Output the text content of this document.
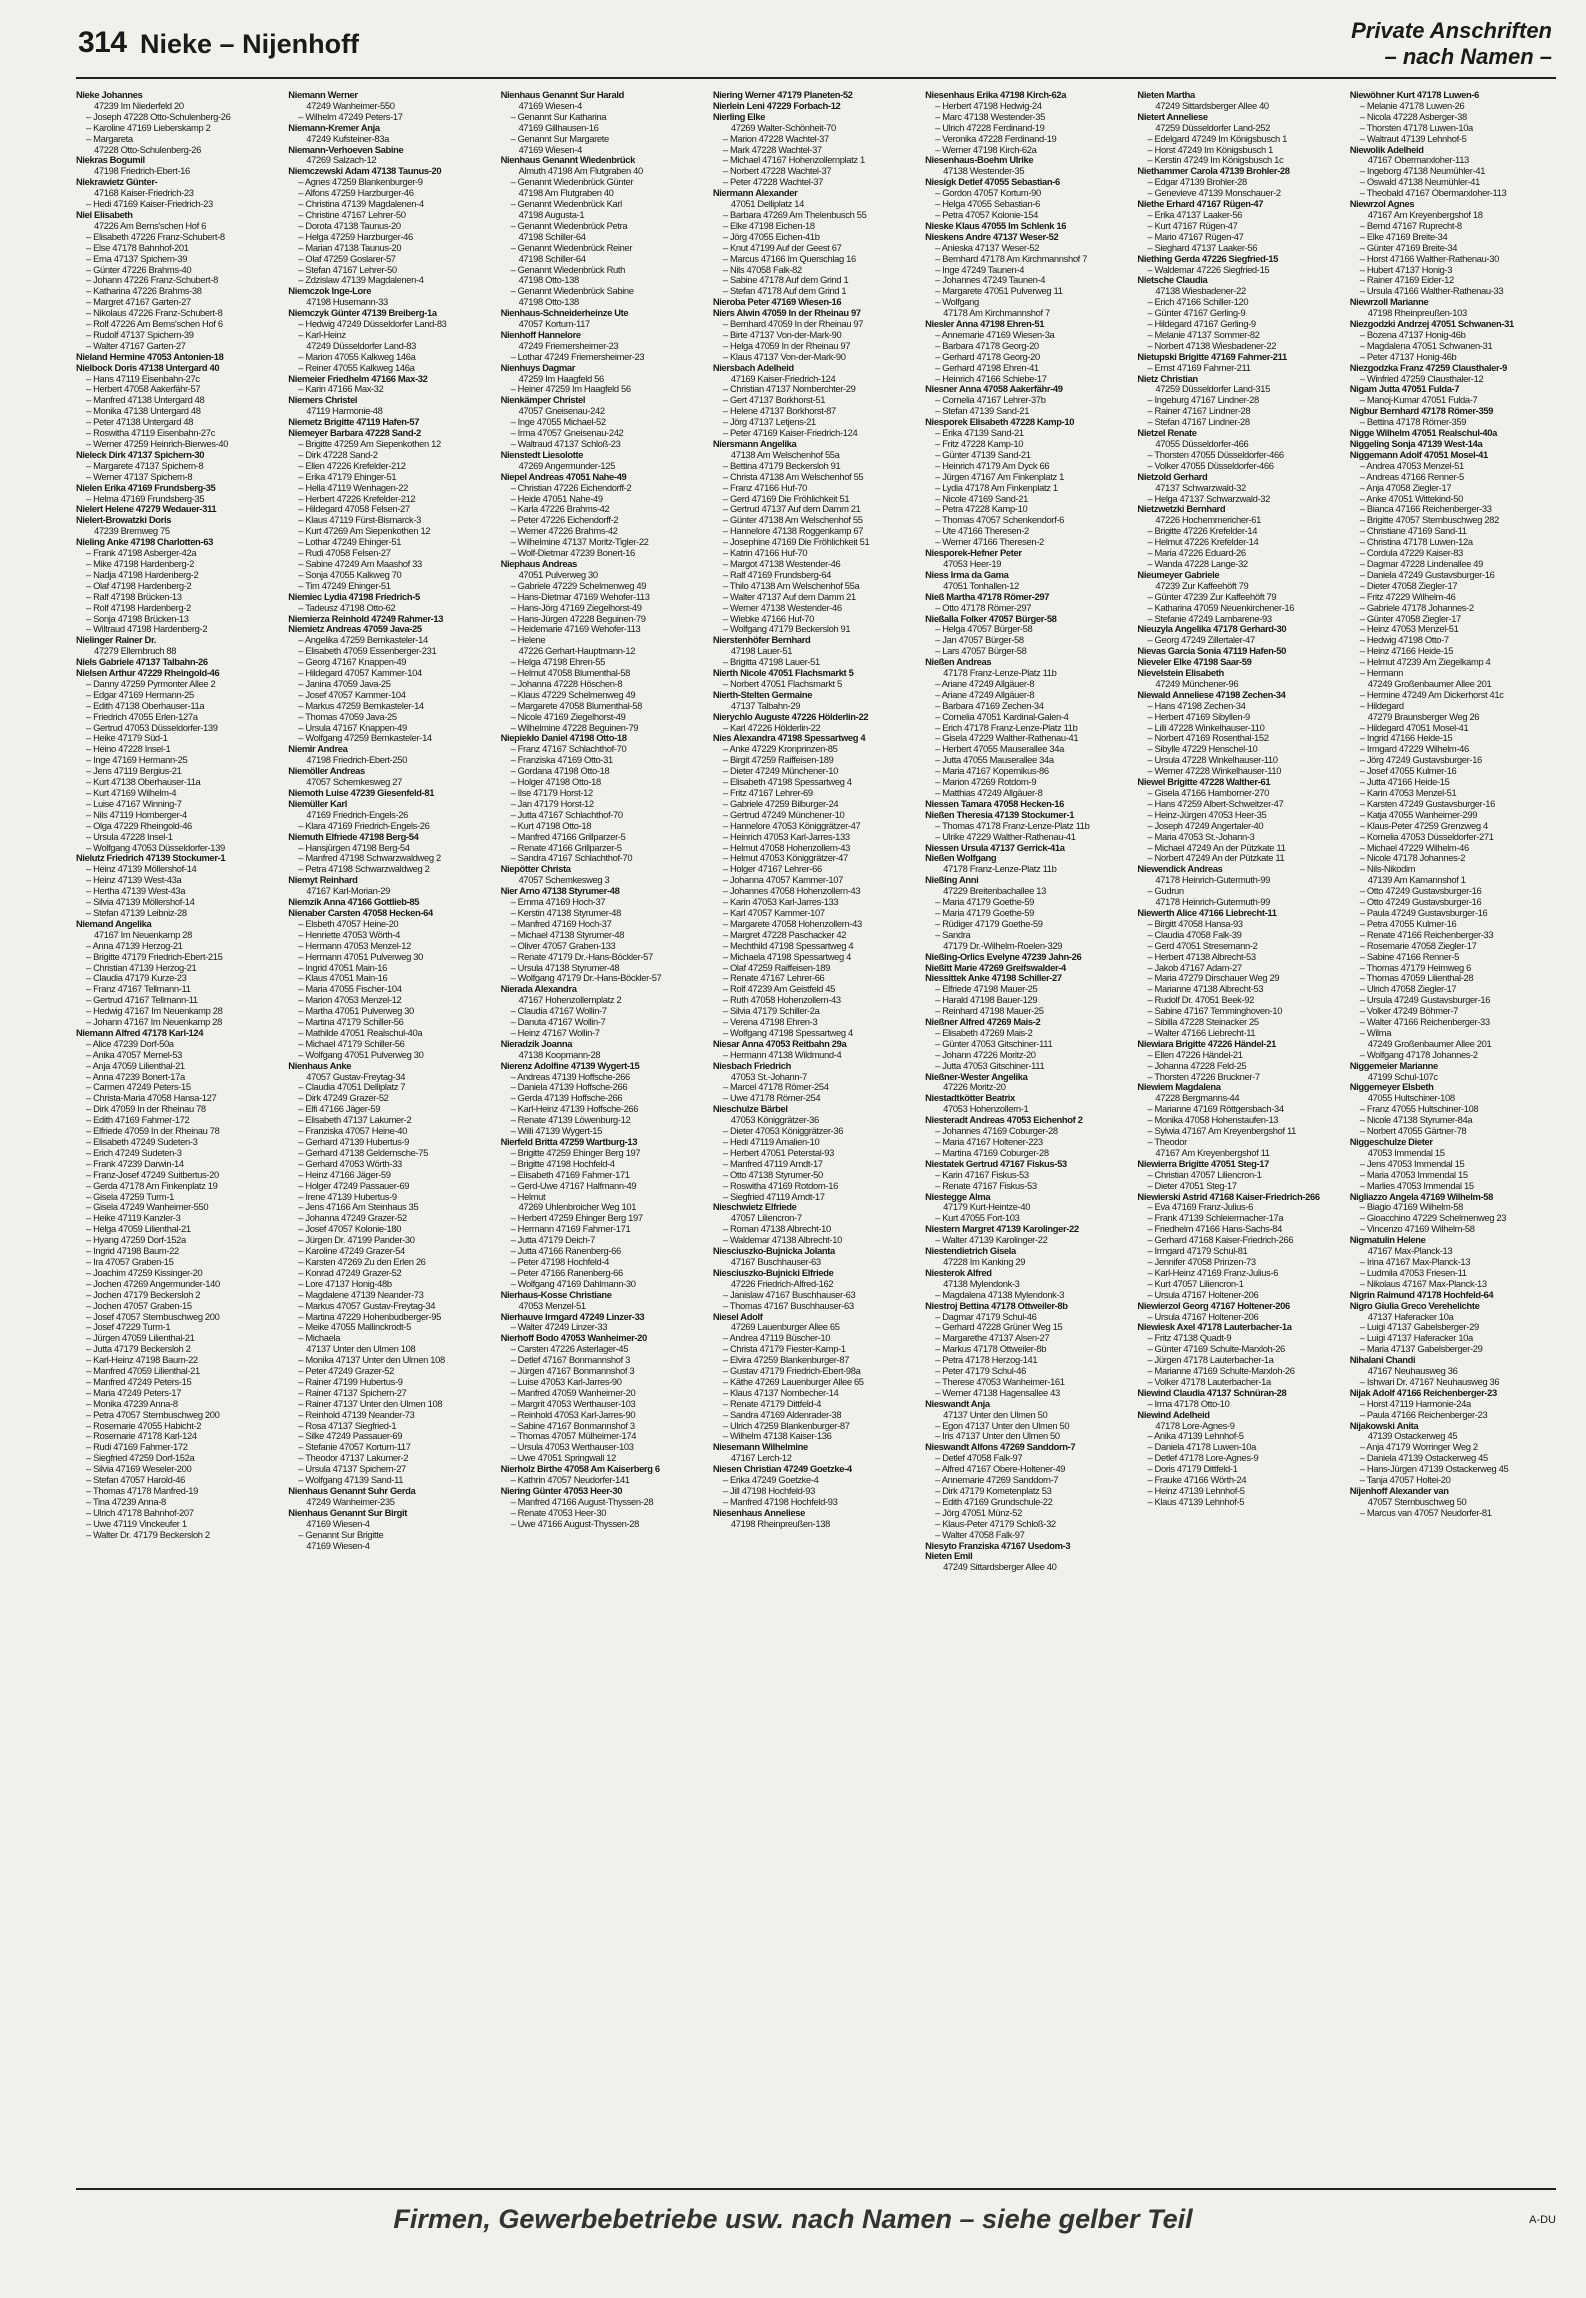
314 Nieke – Nijenhoff	Private Anschriften
– nach Namen –
Nieke Johannes
47239 Im Niederfeld 20
– Joseph 47228 Otto-Schulenberg-26
– Karoline 47169 Lieberskamp 2
– Margareta
47228 Otto-Schulenberg-26
Niekras Bogumil
47198 Friedrich-Ebert-16
Niekrawietz Günter-
47168 Kaiser-Friedrich-23
– Hedi 47169 Kaiser-Friedrich-23
Niel Elisabeth
47226 Am Berns'schen Hof 6
– Elisabeth 47226 Franz-Schubert-8
– Else 47178 Bahnhof-201
– Erna 47137 Spichern-39
– Günter 47226 Brahms-40
– Johann 47226 Franz-Schubert-8
– Katharina 47226 Brahms-38
– Margret 47167 Garten-27
– Nikolaus 47226 Franz-Schubert-8
– Rolf 47226 Am Berns'schen Hof 6
– Rudolf 47137 Spichern-39
– Walter 47167 Garten-27
Nieland Hermine 47053 Antonien-18
Nielbock Doris 47138 Untergard 40
– Hans 47119 Eisenbahn-27c
– Herbert 47058 Aakerfähr-57
– Manfred 47138 Untergard 48
– Monika 47138 Untergard 48
– Peter 47138 Untergard 48
– Roswitha 47119 Eisenbahn-27c
– Werner 47259 Heinrich-Bierwes-40
Nieleck Dirk 47137 Spichern-30
– Margarete 47137 Spichern-8
– Werner 47137 Spichern-8
Nielen Erika 47169 Frundsberg-35
– Helma 47169 Frundsberg-35
Nielert Helene 47279 Wedauer-311
Nielert-Browatzki Doris
47239 Bremweg 75
Nieling Anke 47198 Charlotten-63
– Frank 47198 Asberger-42a
– Mike 47198 Hardenberg-2
– Nadja 47198 Hardenberg-2
– Olaf 47198 Hardenberg-2
– Ralf 47198 Brücken-13
– Rolf 47198 Hardenberg-2
– Sonja 47198 Brücken-13
– Wiltraud 47198 Hardenberg-2
Nielinger Rainer Dr.
47279 Ellernbruch 88
Niels Gabriele 47137 Talbahn-26
Nielsen Arthur 47229 Rheingold-46
– Danny 47259 Pyrmonter Allee 2
– Edgar 47169 Hermann-25
– Edith 47138 Oberhauser-11a
– Friedrich 47055 Erlen-127a
– Gertrud 47053 Düsseldorfer-139
– Heike 47179 Süd-1
– Heino 47228 Insel-1
– Inge 47169 Hermann-25
– Jens 47119 Bergius-21
– Kurt 47138 Oberhauser-11a
– Kurt 47169 Wilhelm-4
– Luise 47167 Winning-7
– Nils 47119 Homberger-4
– Olga 47229 Rheingold-46
– Ursula 47228 Insel-1
– Wolfgang 47053 Düsseldorfer-139
Nielutz Friedrich 47139 Stockumer-1
– Heinz 47139 Möllershof-14
– Heinz 47139 West-43a
– Hertha 47139 West-43a
– Silvia 47139 Möllershof-14
– Stefan 47139 Leibniz-28
Niemand Angelika
47167 Im Neuenkamp 28
– Anna 47139 Herzog-21
– Brigitte 47179 Friedrich-Ebert-215
– Christian 47139 Herzog-21
– Claudia 47179 Kurze-23
– Franz 47167 Tellmann-11
– Gertrud 47167 Tellmann-11
– Hedwig 47167 Im Neuenkamp 28
– Johann 47167 Im Neuenkamp 28
Niemann Alfred 47178 Karl-124
– Alice 47239 Dorf-50a
– Anika 47057 Memel-53
– Anja 47059 Lilienthal-21
– Anna 47239 Bonert-17a
– Carmen 47249 Peters-15
– Christa-Maria 47058 Hansa-127
– Dirk 47059 In der Rheinau 78
– Edith 47169 Fahrner-172
– Elfriede 47059 In der Rheinau 78
– Elisabeth 47249 Sudeten-3
– Erich 47249 Sudeten-3
– Frank 47239 Darwin-14
– Franz-Josef 47249 Suitbertus-20
– Gerda 47178 Am Finkenplatz 19
– Gisela 47259 Turm-1
– Gisela 47249 Wanheimer-550
– Heike 47119 Kanzler-3
– Helga 47059 Lilienthal-21
– Hyang 47259 Dorf-152a
– Ingrid 47198 Baum-22
– Ira 47057 Graben-15
– Joachim 47259 Kissinger-20
– Jochen 47269 Angermunder-140
– Jochen 47179 Beckersloh 2
– Jochen 47057 Graben-15
– Josef 47057 Sternbuschweg 200
– Josef 47229 Turm-1
– Jürgen 47059 Lilienthal-21
– Jutta 47179 Beckersloh 2
– Karl-Heinz 47198 Baum-22
– Manfred 47059 Lilienthal-21
– Manfred 47249 Peters-15
– Maria 47249 Peters-17
– Monika 47239 Anna-8
– Petra 47057 Sternbuschweg 200
– Rosemarie 47055 Habicht-2
– Rosemarie 47178 Karl-124
– Rudi 47169 Fahrner-172
– Siegfried 47259 Dorf-152a
– Silvia 47169 Weseler-200
– Stefan 47057 Harold-46
– Thomas 47178 Manfred-19
– Tina 47239 Anna-8
– Ulrich 47178 Bahnhof-207
– Uwe 47119 Vinckeufer 1
– Walter Dr. 47179 Beckersloh 2
Niemann Werner
47249 Wanheimer-550
– Wilhelm 47249 Peters-17
Niemann-Kremer Anja
47249 Kufsteiner-83a
Niemann-Verhoeven Sabine
47269 Salzach-12
Niemczewski Adam 47138 Taunus-20
– Agnes 47259 Blankenburger-9
– Alfons 47259 Harzburger-46
– Christina 47139 Magdalenen-4
– Christine 47167 Lehrer-50
– Dorota 47138 Taunus-20
– Helga 47259 Harzburger-46
– Marian 47138 Taunus-20
– Olaf 47259 Goslarer-57
– Stefan 47167 Lehrer-50
– Zdzislaw 47139 Magdalenen-4
Niemczok Inge-Lore
47198 Husemann-33
Niemczyk Günter 47139 Breiberg-1a
– Hedwig 47249 Düsseldorfer Land-83
– Karl-Heinz
47249 Düsseldorfer Land-83
– Marion 47055 Kalkweg 146a
– Reiner 47055 Kalkweg 146a
Niemeier Friedhelm 47166 Max-32
– Karin 47166 Max-32
Niemers Christel
47119 Harmonie-48
Niemetz Brigitte 47119 Hafen-57
Niemeyer Barbara 47228 Sand-2
– Brigitte 47259 Am Siepenkothen 12
– Dirk 47228 Sand-2
– Ellen 47226 Krefelder-212
– Erika 47179 Ehinger-51
– Hella 47119 Wenhagen-22
– Herbert 47226 Krefelder-212
– Hildegard 47058 Felsen-27
– Klaus 47119 Fürst-Bismarck-3
– Kurt 47269 Am Siepenkothen 12
– Lothar 47249 Ehinger-51
– Rudi 47058 Felsen-27
– Sabine 47249 Am Maashof 33
– Sonja 47055 Kalkweg 70
– Tim 47249 Ehinger-51
Niemiec Lydia 47198 Friedrich-5
– Tadeusz 47198 Otto-62
Niemierza Reinhold 47249 Rahmer-13
Niemietz Andreas 47059 Java-25
– Angelika 47259 Bernkasteler-14
– Elisabeth 47059 Essenberger-231
– Georg 47167 Knappen-49
– Hildegard 47057 Kammer-104
– Janina 47059 Java-25
– Josef 47057 Kammer-104
– Markus 47259 Bernkasteler-14
– Thomas 47059 Java-25
– Ursula 47167 Knappen-49
– Wolfgang 47259 Bernkasteler-14
Niemir Andrea
47198 Friedrich-Ebert-250
Niemöller Andreas
47057 Schemkesweg 27
Niemoth Luise 47239 Giesenfeld-81
Niemüller Karl
47169 Friedrich-Engels-26
– Klara 47169 Friedrich-Engels-26
Niemuth Elfriede 47198 Berg-54
– Hansjürgen 47198 Berg-54
– Manfred 47198 Schwarzwaldweg 2
– Petra 47198 Schwarzwaldweg 2
Niemyt Reinhard
47167 Karl-Morian-29
Niemzik Anna 47166 Gottlieb-85
Nienaber Carsten 47058 Hecken-64
– Elsbeth 47057 Heine-20
– Henriette 47053 Wörth-4
– Hermann 47053 Menzel-12
– Hermann 47051 Pulverweg 30
– Ingrid 47051 Main-16
– Klaus 47051 Main-16
– Maria 47055 Fischer-104
– Marion 47053 Menzel-12
– Martha 47051 Pulverweg 30
– Martina 47179 Schiller-56
– Mathilde 47051 Realschul-40a
– Michael 47179 Schiller-56
– Wolfgang 47051 Pulverweg 30
Nienhaus Anke
47057 Gustav-Freytag-34
– Claudia 47051 Delliplatz 7
– Dirk 47249 Grazer-52
– Elfi 47166 Jäger-59
– Elisabeth 47137 Lakumer-2
– Franziska 47057 Heine-40
– Gerhard 47139 Hubertus-9
– Gerhard 47138 Geldernsche-75
– Gerhard 47053 Wörth-33
– Heinz 47166 Jäger-59
– Holger 47249 Passauer-69
– Irene 47139 Hubertus-9
– Jens 47166 Am Steinhaus 35
– Johanna 47249 Grazer-52
– Josef 47057 Kolonie-180
– Jürgen Dr. 47199 Pander-30
– Karoline 47249 Grazer-54
– Karsten 47269 Zu den Erlen 26
– Konrad 47249 Grazer-52
– Lore 47137 Honig-48b
– Magdalene 47139 Neander-73
– Markus 47057 Gustav-Freytag-34
– Martina 47229 Hohenbudberger-95
– Meike 47055 Mallinckrodt-5
– Michaela
47137 Unter den Ulmen 108
– Monika 47137 Unter den Ulmen 108
– Peter 47249 Grazer-52
– Rainer 47199 Hubertus-9
– Rainer 47137 Spichern-27
– Rainer 47137 Unter den Ulmen 108
– Reinhold 47139 Neander-73
– Rosa 47137 Siegfried-1
– Silke 47249 Passauer-69
– Stefanie 47057 Kortum-117
– Theodor 47137 Lakumer-2
– Ursula 47137 Spichern-27
– Wolfgang 47139 Sand-11
Nienhaus Genannt Suhr Gerda
47249 Wanheimer-235
Nienhaus Genannt Sur Birgit
47169 Wiesen-4
– Genannt Sur Brigitte
47169 Wiesen-4
Nienhaus Genannt Sur Harald
47169 Wiesen-4
– Genannt Sur Katharina
47169 Gillhausen-16
– Genannt Sur Margarete
47169 Wiesen-4
Nienhaus Genannt Wiedenbrück
Almuth 47198 Am Flutgraben 40
– Genannt Wiedenbrück Günter
47198 Am Flutgraben 40
– Genannt Wiedenbrück Karl
47198 Augusta-1
– Genannt Wiedenbrück Petra
47198 Schiller-64
– Genannt Wiedenbrück Reiner
47198 Schiller-64
– Genannt Wiedenbrück Ruth
47198 Otto-138
– Genannt Wiedenbrück Sabine
47198 Otto-138
Nienhaus-Schneiderheinze Ute
47057 Kortum-117
Nienhoff Hannelore
47249 Friemersheimer-23
– Lothar 47249 Friemersheimer-23
Nienhuys Dagmar
47259 Im Haagfeld 56
– Heiner 47259 Im Haagfeld 56
Nienkämper Christel
47057 Gneisenau-242
– Inge 47055 Michael-52
– Irma 47057 Gneisenau-242
– Waltraud 47137 Schloß-23
Nienstedt Liesolotte
47269 Angermunder-125
Niepel Andreas 47051 Nahe-49
– Christian 47226 Eichendorff-2
– Heide 47051 Nahe-49
– Karla 47226 Brahms-42
– Peter 47226 Eichendorff-2
– Werner 47226 Brahms-42
– Wilhelmine 47137 Moritz-Tigler-22
– Wolf-Dietmar 47239 Bonert-16
Niephaus Andreas
47051 Pulverweg 30
– Gabriele 47229 Schelmenweg 49
– Hans-Dietmar 47169 Wehofer-113
– Hans-Jörg 47169 Ziegelhorst-49
– Hans-Jürgen 47228 Beguinen-79
– Heidemarie 47169 Wehofer-113
– Helene
47226 Gerhart-Hauptmann-12
– Helga 47198 Ehren-55
– Helmut 47058 Blumenthal-58
– Johanna 47228 Höschen-8
– Klaus 47229 Schelmenweg 49
– Margarete 47058 Blumenthal-58
– Nicole 47169 Ziegelhorst-49
– Wilhelmine 47228 Beguinen-79
Niepiekło Daniel 47198 Otto-18
– Franz 47167 Schlachthof-70
– Franziska 47169 Otto-31
– Gordana 47198 Otto-18
– Holger 47198 Otto-18
– Ilse 47179 Horst-12
– Jan 47179 Horst-12
– Jutta 47167 Schlachthof-70
– Kurt 47198 Otto-18
– Manfred 47166 Grillparzer-5
– Renate 47166 Grillparzer-5
– Sandra 47167 Schlachthof-70
Niepötter Christa
47057 Schemkesweg 3
Nier Arno 47138 Styrumer-48
– Emma 47169 Hoch-37
– Kerstin 47138 Styrumer-48
– Manfred 47169 Hoch-37
– Michael 47138 Styrumer-48
– Oliver 47057 Graben-133
– Renate 47179 Dr.-Hans-Böckler-57
– Ursula 47138 Styrumer-48
– Wolfgang 47179 Dr.-Hans-Böckler-57
Nierada Alexandra
47167 Hohenzollernplatz 2
– Claudia 47167 Wollin-7
– Danuta 47167 Wollin-7
– Heinz 47167 Wollin-7
Nieradzik Joanna
47138 Koopmann-28
Nierenz Adolfine 47139 Wygert-15
– Andreas 47139 Hoffsche-266
– Daniela 47139 Hoffsche-266
– Gerda 47139 Hoffsche-266
– Karl-Heinz 47139 Hoffsche-266
– Renate 47139 Löwenburg-12
– Willi 47139 Wygert-15
Nierfeld Britta 47259 Wartburg-13
– Brigitte 47259 Ehinger Berg 197
– Brigitte 47198 Hochfeld-4
– Elisabeth 47169 Fahrner-171
– Gerd-Uwe 47167 Halfmann-49
– Helmut
47269 Uhlenbroicher Weg 101
– Herbert 47259 Ehinger Berg 197
– Hermann 47169 Fahrner-171
– Jutta 47179 Deich-7
– Jutta 47166 Ranenberg-66
– Peter 47198 Hochfeld-4
– Peter 47166 Ranenberg-66
– Wolfgang 47169 Dahlmann-30
Nierhaus-Kosse Christiane
47053 Menzel-51
Nierhauve Irmgard 47249 Linzer-33
– Walter 47249 Linzer-33
Nierhoff Bodo 47053 Wanheimer-20
– Carsten 47226 Asterlager-45
– Detlef 47167 Bonmannshof 3
– Jürgen 47167 Bonmannshof 3
– Luise 47053 Karl-Jarres-90
– Manfred 47059 Wanheimer-20
– Margrit 47053 Werthauser-103
– Reinhold 47053 Karl-Jarres-90
– Sabine 47167 Bonmannshof 3
– Thomas 47057 Mülheimer-174
– Ursula 47053 Werthauser-103
– Uwe 47051 Springwall 12
Nierholz Birthe 47058 Am Kaiserberg 6
– Kathrin 47057 Neudorfer-141
Niering Günter 47053 Heer-30
– Manfred 47166 August-Thyssen-28
– Renate 47053 Heer-30
– Uwe 47166 August-Thyssen-28
Niering Werner 47179 Planeten-52
Nierlein Leni 47229 Forbach-12
Nierling Elke
47269 Walter-Schönheit-70
– Marion 47228 Wachtel-37
– Mark 47228 Wachtel-37
– Michael 47167 Hohenzollernplatz 1
– Norbert 47228 Wachtel-37
– Peter 47228 Wachtel-37
Niermann Alexander
47051 Delliplatz 14
– Barbara 47269 Am Thelenbusch 55
– Elke 47198 Eichen-18
– Jörg 47055 Eichen-41b
– Knut 47199 Auf der Geest 67
– Marcus 47166 Im Querschlag 16
– Nils 47058 Falk-82
– Sabine 47178 Auf dem Grind 1
– Stefan 47178 Auf dem Grind 1
Nieroba Peter 47169 Wiesen-16
Niers Alwin 47059 In der Rheinau 97
– Bernhard 47059 In der Rheinau 97
– Birte 47137 Von-der-Mark-90
– Helga 47059 In der Rheinau 97
– Klaus 47137 Von-der-Mark-90
Niersbach Adelheid
47169 Kaiser-Friedrich-124
– Christian 47137 Nomberchter-29
– Gert 47137 Borkhorst-51
– Helene 47137 Borkhorst-87
– Jörg 47137 Letjens-21
– Peter 47169 Kaiser-Friedrich-124
Niersmann Angelika
47138 Am Welschenhof 55a
– Bettina 47179 Beckersloh 91
– Christa 47138 Am Welschenhof 55
– Franz 47166 Huf-70
– Gerd 47169 Die Fröhlichkeit 51
– Gertrud 47137 Auf dem Damm 21
– Günter 47138 Am Welschenhof 55
– Hannelore 47138 Roggenkamp 67
– Josephine 47169 Die Fröhlichkeit 51
– Katrin 47166 Huf-70
– Margot 47138 Westender-46
– Ralf 47169 Frundsberg-64
– Thilo 47138 Am Welschenhof 55a
– Walter 47137 Auf dem Damm 21
– Werner 47138 Westender-46
– Wiebke 47166 Huf-70
– Wolfgang 47179 Beckersloh 91
Nierstenhöfer Bernhard
47198 Lauer-51
– Brigitta 47198 Lauer-51
Nierth Nicole 47051 Flachsmarkt 5
– Norbert 47051 Flachsmarkt 5
Nierth-Stelten Germaine
47137 Talbahn-29
Nierychlo Auguste 47226 Hölderlin-22
– Karl 47226 Hölderlin-22
Nies Alexandra 47198 Spessartweg 4
– Anke 47229 Kronprinzen-85
– Birgit 47259 Raiffeisen-189
– Dieter 47249 Münchener-10
– Elisabeth 47198 Spessartweg 4
– Fritz 47167 Lehrer-69
– Gabriele 47259 Bilburger-24
– Gertrud 47249 Münchener-10
– Hannelore 47053 Königgrätzer-47
– Heinrich 47053 Karl-Jarres-133
– Helmut 47058 Hohenzollern-43
– Helmut 47053 Königgrätzer-47
– Holger 47167 Lehrer-66
– Johanna 47057 Kammer-107
– Johannes 47058 Hohenzollern-43
– Karin 47053 Karl-Jarres-133
– Karl 47057 Kammer-107
– Margarete 47058 Hohenzollern-43
– Margret 47228 Paschacker 42
– Mechthild 47198 Spessartweg 4
– Michaela 47198 Spessartweg 4
– Olaf 47259 Raiffeisen-189
– Renate 47167 Lehrer-66
– Rolf 47239 Am Geistfeld 45
– Ruth 47058 Hohenzollern-43
– Silvia 47179 Schiller-2a
– Verena 47198 Ehren-3
– Wolfgang 47198 Spessartweg 4
Niesar Anna 47053 Reitbahn 29a
– Hermann 47138 Wildmund-4
Niesbach Friedrich
47053 St.-Johann-7
– Marcel 47178 Römer-254
– Uwe 47178 Römer-254
Nieschulze Bärbel
47053 Königgrätzer-36
– Dieter 47053 Königgrätzer-36
– Hedi 47119 Amalien-10
– Herbert 47051 Peterstal-93
– Manfred 47119 Arndt-17
– Otto 47138 Styrumer-50
– Roswitha 47169 Rotdorn-16
– Siegfried 47119 Arndt-17
Nieschwietz Elfriede
47057 Liliencron-7
– Roman 47138 Albrecht-10
– Waldemar 47138 Albrecht-10
Niesciuszko-Bujnicka Jolanta
47167 Buschhauser-63
Niesciuszko-Bujnicki Elfriede
47226 Friedrich-Alfred-162
– Janislaw 47167 Buschhauser-63
– Thomas 47167 Buschhauser-63
Niesel Adolf
47269 Lauenburger Allee 65
– Andrea 47119 Büscher-10
– Christa 47179 Fiester-Kamp-1
– Elvira 47259 Blankenburger-87
– Gustav 47179 Friedrich-Ebert-98a
– Käthe 47269 Lauenburger Allee 65
– Klaus 47137 Nombecher-14
– Renate 47179 Dittfeld-4
– Sandra 47169 Aldenrader-38
– Ulrich 47259 Blankenburger-87
– Wilhelm 47138 Kaiser-136
Niesemann Wilhelmine
47167 Lerch-12
Niesen Christian 47249 Goetzke-4
– Erika 47249 Goetzke-4
– Jill 47198 Hochfeld-93
– Manfred 47198 Hochfeld-93
Niesenhaus Anneliese
47198 Rheinpreußen-138
Niesenhaus Erika 47198 Kirch-62a
– Herbert 47198 Hedwig-24
– Marc 47138 Westender-35
– Ulrich 47228 Ferdinand-19
– Veronika 47228 Ferdinand-19
– Werner 47198 Kirch-62a
Niesenhaus-Boehm Ulrike
47138 Westender-35
Niesigk Detlef 47055 Sebastian-6
– Gordon 47057 Kortum-90
– Helga 47055 Sebastian-6
– Petra 47057 Kolonie-154
Nieske Klaus 47055 Im Schlenk 16
Nieskens Andre 47137 Weser-52
– Anieska 47137 Weser-52
– Bernhard 47178 Am Kirchmannshof 7
– Inge 47249 Taunen-4
– Johannes 47249 Taunen-4
– Margarete 47051 Pulverweg 11
– Wolfgang
47178 Am Kirchmannshof 7
Niesler Anna 47198 Ehren-51
– Annemarie 47169 Wiesen-3a
– Barbara 47178 Georg-20
– Gerhard 47178 Georg-20
– Gerhard 47198 Ehren-41
– Heinrich 47166 Schiebe-17
Niesner Anna 47058 Aakerfähr-49
– Cornelia 47167 Lehrer-37b
– Stefan 47139 Sand-21
Niesporek Elisabeth 47228 Kamp-10
– Erika 47139 Sand-21
– Fritz 47228 Kamp-10
– Günter 47139 Sand-21
– Heinrich 47179 Am Dyck 66
– Jürgen 47167 Am Finkenplatz 1
– Lydia 47178 Am Finkenplatz 1
– Nicole 47169 Sand-21
– Petra 47228 Kamp-10
– Thomas 47057 Schenkendorf-6
– Ute 47166 Theresen-2
– Werner 47166 Theresen-2
Niesporek-Hefner Peter
47053 Heer-19
Niess Irma da Gama
47051 Tonhallen-12
Nieß Martha 47178 Römer-297
– Otto 47178 Römer-297
Nießalla Folker 47057 Bürger-58
– Helga 47057 Bürger-58
– Jan 47057 Bürger-58
– Lars 47057 Bürger-58
Nießen Andreas
47178 Franz-Lenze-Platz 11b
– Ariane 47249 Allgäuer-8
– Ariane 47249 Allgäuer-8
– Barbara 47169 Zechen-34
– Cornelia 47051 Kardinal-Galen-4
– Erich 47178 Franz-Lenze-Platz 11b
– Gisela 47229 Walther-Rathenau-41
– Herbert 47055 Mauserallee 34a
– Jutta 47055 Mauserallee 34a
– Maria 47167 Kopernikus-86
– Marion 47269 Rotdorn-9
– Matthias 47249 Allgäuer-8
Niessen Tamara 47058 Hecken-16
Nießen Theresia 47139 Stockumer-1
– Thomas 47178 Franz-Lenze-Platz 11b
– Ulrike 47229 Walther-Rathenau-41
Niessen Ursula 47137 Gerrick-41a
Nießen Wolfgang
47178 Franz-Lenze-Platz 11b
Nießing Anni
47229 Breitenbachallee 13
– Maria 47179 Goethe-59
– Maria 47179 Goethe-59
– Rüdiger 47179 Goethe-59
– Sandra
47179 Dr.-Wilhelm-Roelen-329
Nießing-Orlics Evelyne 47239 Jahn-26
Nießitt Marie 47269 Greifswalder-4
Niessittek Anke 47198 Schiller-27
– Elfriede 47198 Mauer-25
– Harald 47198 Bauer-129
– Reinhard 47198 Mauer-25
Nießner Alfred 47269 Mais-2
– Elisabeth 47269 Mais-2
– Günter 47053 Gitschiner-111
– Johann 47226 Moritz-20
– Jutta 47053 Gitschiner-111
Nießner-Wester Angelika
47226 Moritz-20
Niestadtkötter Beatrix
47053 Hohenzollern-1
Niesteradt Andreas 47053 Eichenhof 2
– Johannes 47169 Coburger-28
– Maria 47167 Holtener-223
– Martina 47169 Coburger-28
Niestatek Gertrud 47167 Fiskus-53
– Karin 47167 Fiskus-53
– Renate 47167 Fiskus-53
Niestegge Alma
47179 Kurt-Heintze-40
– Kurt 47055 Fort-103
Niestern Margret 47139 Karolinger-22
– Walter 47139 Karolinger-22
Niestendietrich Gisela
47228 Im Kanking 29
Niesterok Alfred
47138 Mylendonk-3
– Magdalena 47138 Mylendonk-3
Niestroj Bettina 47178 Ottweiler-8b
– Dagmar 47179 Schul-46
– Gerhard 47228 Grüner Weg 15
– Margarethe 47137 Alsen-27
– Markus 47178 Ottweiler-8b
– Petra 47178 Herzog-141
– Peter 47179 Schul-46
– Therese 47053 Wanheimer-161
– Werner 47138 Hagensallee 43
Nieswandt Anja
47137 Unter den Ulmen 50
– Egon 47137 Unter den Ulmen 50
– Iris 47137 Unter den Ulmen 50
Nieswandt Alfons 47269 Sanddorn-7
– Detlef 47058 Falk-97
– Alfred 47167 Obere-Holtener-49
– Annemarie 47269 Sanddorn-7
– Dirk 47179 Kometenplatz 53
– Edith 47169 Grundschule-22
– Jörg 47051 Münz-52
– Klaus-Peter 47179 Schloß-32
– Walter 47058 Falk-97
Niesyto Franziska 47167 Usedom-3
Nieten Emil
47249 Sittardsberger Allee 40
Nieten Martha
47249 Sittardsberger Allee 40
Nietert Anneliese
47259 Düsseldorfer Land-252
– Edelgard 47249 Im Königsbusch 1
– Horst 47249 Im Königsbusch 1
– Kerstin 47249 Im Königsbusch 1c
Niethammer Carola 47139 Brohler-28
– Edgar 47139 Brohler-28
– Genevieve 47139 Monschauer-2
Niethe Erhard 47167 Rügen-47
– Erika 47137 Laaker-56
– Kurt 47167 Rügen-47
– Mario 47167 Rügen-47
– Sieghard 47137 Laaker-56
Niething Gerda 47226 Siegfried-15
– Waldemar 47226 Siegfried-15
Nietsche Claudia
47138 Wiesbadener-22
– Erich 47166 Schiller-120
– Günter 47167 Gerling-9
– Hildegard 47167 Gerling-9
– Melanie 47137 Sommer-82
– Norbert 47138 Wiesbadener-22
Nietupski Brigitte 47169 Fahrner-211
– Ernst 47169 Fahrner-211
Nietz Christian
47259 Düsseldorfer Land-315
– Ingeburg 47167 Lindner-28
– Rainer 47167 Lindner-28
– Stefan 47167 Lindner-28
Nietzel Renate
47055 Düsseldorfer-466
– Thorsten 47055 Düsseldorfer-466
– Volker 47055 Düsseldorfer-466
Nietzold Gerhard
47137 Schwarzwald-32
– Helga 47137 Schwarzwald-32
Nietzwetzki Bernhard
47226 Hochemmericher-61
– Brigitte 47226 Krefelder-14
– Helmut 47226 Krefelder-14
– Maria 47226 Eduard-26
– Wanda 47228 Lange-32
Nieumeyer Gabriele
47239 Zur Kaffeehöft 79
– Günter 47239 Zur Kaffeehöft 79
– Katharina 47059 Neuenkirchener-16
– Stefanie 47249 Lambarene-93
Nieuzyla Angelika 47178 Gerhard-30
– Georg 47249 Zillertaler-47
Nievas Garcia Sonia 47119 Hafen-50
Nieveler Elke 47198 Saar-59
Nievelstein Elisabeth
47249 Münchener-96
Niewald Anneliese 47198 Zechen-34
– Hans 47198 Zechen-34
– Herbert 47169 Sibyllen-9
– Lilli 47228 Winkelhauser-110
– Norbert 47169 Rosenthal-152
– Sibylle 47229 Henschel-10
– Ursula 47228 Winkelhauser-110
– Werner 47228 Winkelhauser-110
Niewel Brigitte 47228 Walther-61
– Gisela 47166 Hamborner-270
– Hans 47259 Albert-Schweitzer-47
– Heinz-Jürgen 47053 Heer-35
– Joseph 47249 Angertaler-40
– Maria 47053 St.-Johann-3
– Michael 47249 An der Pützkate 11
– Norbert 47249 An der Pützkate 11
Niewendick Andreas
47178 Heinrich-Gutermuth-99
– Gudrun
47178 Heinrich-Gutermuth-99
Niewerth Alice 47166 Liebrecht-11
– Birgitt 47058 Hansa-93
– Claudia 47058 Falk-39
– Gerd 47051 Stresemann-2
– Herbert 47138 Albrecht-53
– Jakob 47167 Adam-27
– Maria 47279 Dirschauer Weg 29
– Marianne 47138 Albrecht-53
– Rudolf Dr. 47051 Beek-92
– Sabine 47167 Temminghoven-10
– Sibilla 47228 Steinacker 25
– Walter 47166 Liebrecht-11
Niewiara Brigitte 47226 Händel-21
– Ellen 47226 Händel-21
– Johanna 47228 Feld-25
– Thorsten 47226 Bruckner-7
Niewiem Magdalena
47228 Bergmanns-44
– Marianne 47169 Röttgersbach-34
– Monika 47058 Hohenstaufen-13
– Sylwia 47167 Am Kreyenbergshof 11
– Theodor
47167 Am Kreyenbergshof 11
Niewierra Brigitte 47051 Steg-17
– Christian 47057 Liliencron-1
– Dieter 47051 Steg-17
Niewierski Astrid 47168 Kaiser-Friedrich-266
– Eva 47169 Franz-Julius-6
– Frank 47139 Schleiermacher-17a
– Friedhelm 47166 Hans-Sachs-84
– Gerhard 47168 Kaiser-Friedrich-266
– Irmgard 47179 Schul-81
– Jennifer 47058 Prinzen-73
– Karl-Heinz 47169 Franz-Julius-6
– Kurt 47057 Liliencron-1
– Ursula 47167 Holtener-206
Niewierzol Georg 47167 Holtener-206
– Ursula 47167 Holtener-206
Niewiesk Axel 47178 Lauterbacher-1a
– Fritz 47138 Quadt-9
– Günter 47169 Schulte-Marxloh-26
– Jürgen 47178 Lauterbacher-1a
– Marianne 47169 Schulte-Marxloh-26
– Volker 47178 Lauterbacher-1a
Niewind Claudia 47137 Schnüran-28
– Irma 47178 Otto-10
Niewind Adelheid
47178 Lore-Agnes-9
– Anika 47139 Lehnhof-5
– Daniela 47178 Luwen-10a
– Detlef 47178 Lore-Agnes-9
– Doris 47179 Dittfeld-1
– Frauke 47166 Wörth-24
– Heinz 47139 Lehnhof-5
– Klaus 47139 Lehnhof-5
Niewöhner Kurt 47178 Luwen-6
– Melanie 47178 Luwen-26
– Nicola 47228 Asberger-38
– Thorsten 47178 Luwen-10a
– Waltraut 47139 Lehnhof-5
Niewolik Adelheid
47167 Obermarxloher-113
– Ingeborg 47138 Neumühler-41
– Oswald 47138 Neumühler-41
– Theobald 47167 Obermarxloher-113
Niewrzol Agnes
47167 Am Kreyenbergshof 18
– Bernd 47167 Ruprecht-8
– Elke 47169 Breite-34
– Günter 47169 Breite-34
– Horst 47166 Walther-Rathenau-30
– Hubert 47137 Honig-3
– Rainer 47169 Eider-12
– Ursula 47166 Walther-Rathenau-33
Niewrzoll Marianne
47198 Rheinpreußen-103
Niezgodzki Andrzej 47051 Schwanen-31
– Bozena 47137 Honig-46b
– Magdalena 47051 Schwanen-31
– Peter 47137 Honig-46b
Niezgodzka Franz 47259 Clausthaler-9
– Winfried 47259 Clausthaler-12
Nigam Jutta 47051 Fulda-7
– Manoj-Kumar 47051 Fulda-7
Nigbur Bernhard 47178 Römer-359
– Bettina 47178 Römer-359
Nigge Wilhelm 47051 Realschul-40a
Niggeling Sonja 47139 West-14a
Niggemann Adolf 47051 Mosel-41
– Andrea 47053 Menzel-51
– Andreas 47166 Renner-5
– Anja 47058 Ziegler-17
– Anke 47051 Wittekind-50
– Bianca 47166 Reichenberger-33
– Brigitte 47057 Sternbuschweg 282
– Christiane 47169 Sand-11
– Christina 47178 Luwen-12a
– Cordula 47229 Kaiser-83
– Dagmar 47228 Lindenallee 49
– Daniela 47249 Gustavsburger-16
– Dieter 47058 Ziegler-17
– Fritz 47229 Wilhelm-46
– Gabriele 47178 Johannes-2
– Günter 47058 Ziegler-17
– Heinz 47053 Menzel-51
– Hedwig 47198 Otto-7
– Heinz 47166 Heide-15
– Helmut 47239 Am Ziegelkamp 4
– Hermann
47249 Großenbaumer Allee 201
– Hermine 47249 Am Dickerhorst 41c
– Hildegard
47279 Braunsberger Weg 26
– Hildegard 47051 Mosel-41
– Ingrid 47166 Heide-15
– Irmgard 47229 Wilhelm-46
– Jörg 47249 Gustavsburger-16
– Josef 47055 Kulmer-16
– Jutta 47166 Heide-15
– Karin 47053 Menzel-51
– Karsten 47249 Gustavsburger-16
– Katja 47055 Wanheimer-299
– Klaus-Peter 47259 Grenzweg 4
– Kornelia 47053 Düsseldorfer-271
– Michael 47229 Wilhelm-46
– Nicole 47178 Johannes-2
– Nils-Nikodim
47139 Am Kamannshof 1
– Otto 47249 Gustavsburger-16
– Otto 47249 Gustavsburger-16
– Paula 47249 Gustavsburger-16
– Petra 47055 Kulmer-16
– Renate 47166 Reichenberger-33
– Rosemarie 47058 Ziegler-17
– Sabine 47166 Renner-5
– Thomas 47179 Heimweg 6
– Thomas 47059 Lilienthal-28
– Ulrich 47058 Ziegler-17
– Ursula 47249 Gustavsburger-16
– Volker 47249 Böhmer-7
– Walter 47166 Reichenberger-33
– Wilma
47249 Großenbaumer Allee 201
– Wolfgang 47178 Johannes-2
Niggemeier Marianne
47199 Schul-107c
Niggemeyer Elsbeth
47055 Hultschiner-108
– Franz 47055 Hultschiner-108
– Nicole 47138 Styrumer-84a
– Norbert 47055 Gärtner-78
Niggeschulze Dieter
47053 Immendal 15
– Jens 47053 Immendal 15
– Maria 47053 Immendal 15
– Marlies 47053 Immendal 15
Nigliazzo Angela 47169 Wilhelm-58
– Biagio 47169 Wilhelm-58
– Gioacchino 47229 Schelmenweg 23
– Vincenzo 47169 Wilhelm-58
Nigmatulin Helene
47167 Max-Planck-13
– Irina 47167 Max-Planck-13
– Ludmila 47053 Friesen-11
– Nikolaus 47167 Max-Planck-13
Nigrin Raimund 47178 Hochfeld-64
Nigro Giulia Greco Verehelichte
47137 Haferacker 10a
– Luigi 47137 Gabelsberger-29
– Luigi 47137 Haferacker 10a
– Maria 47137 Gabelsberger-29
Nihalani Chandi
47167 Neuhausweg 36
– Ishwari Dr. 47167 Neuhausweg 36
Nijak Adolf 47166 Reichenberger-23
– Horst 47119 Harmonie-24a
– Paula 47166 Reichenberger-23
Nijakowski Anita
47139 Ostackerweg 45
– Anja 47179 Worringer Weg 2
– Daniela 47139 Ostackerweg 45
– Hans-Jürgen 47139 Ostackerweg 45
– Tanja 47057 Holtei-20
Nijenhoff Alexander van
47057 Sternbuschweg 50
– Marcus van 47057 Neudorfer-81
Firmen, Gewerbebetriebe usw. nach Namen – siehe gelber Teil	A-DU
